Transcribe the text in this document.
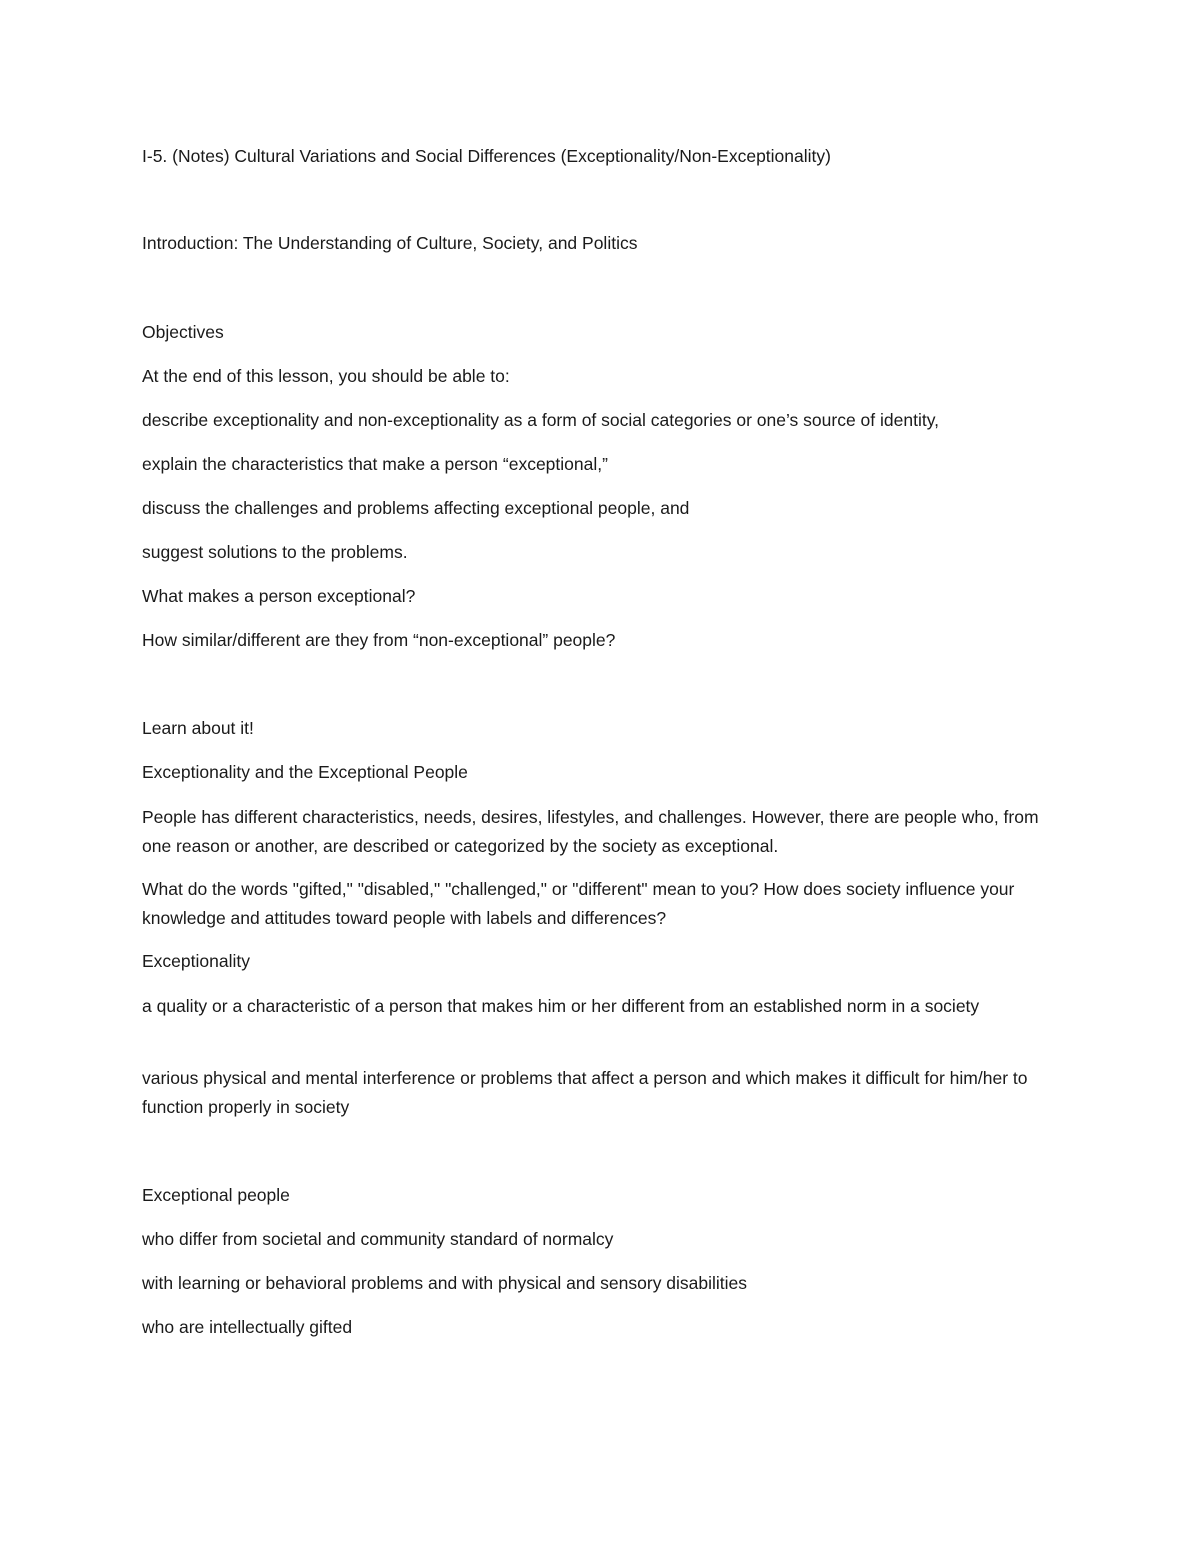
I-5. (Notes) Cultural Variations and Social Differences (Exceptionality/Non-Exceptionality)
Introduction: The Understanding of Culture, Society, and Politics
Objectives
At the end of this lesson, you should be able to:
describe exceptionality and non-exceptionality as a form of social categories or one’s source of identity,
explain the characteristics that make a person “exceptional,”
discuss the challenges and problems affecting exceptional people, and
suggest solutions to the problems.
What makes a person exceptional?
How similar/different are they from “non-exceptional” people?
Learn about it!
Exceptionality and the Exceptional People
People has different characteristics, needs, desires, lifestyles, and challenges. However, there are people who, from one reason or another, are described or categorized by the society as exceptional.
What do the words "gifted," "disabled," "challenged," or "different" mean to you? How does society influence your knowledge and attitudes toward people with labels and differences?
Exceptionality
a quality or a characteristic of a person that makes him or her different from an established norm in a society
various physical and mental interference or problems that affect a person and which makes it difficult for him/her to function properly in society
Exceptional people
who differ from societal and community standard of normalcy
with learning or behavioral problems and with physical and sensory disabilities
who are intellectually gifted
